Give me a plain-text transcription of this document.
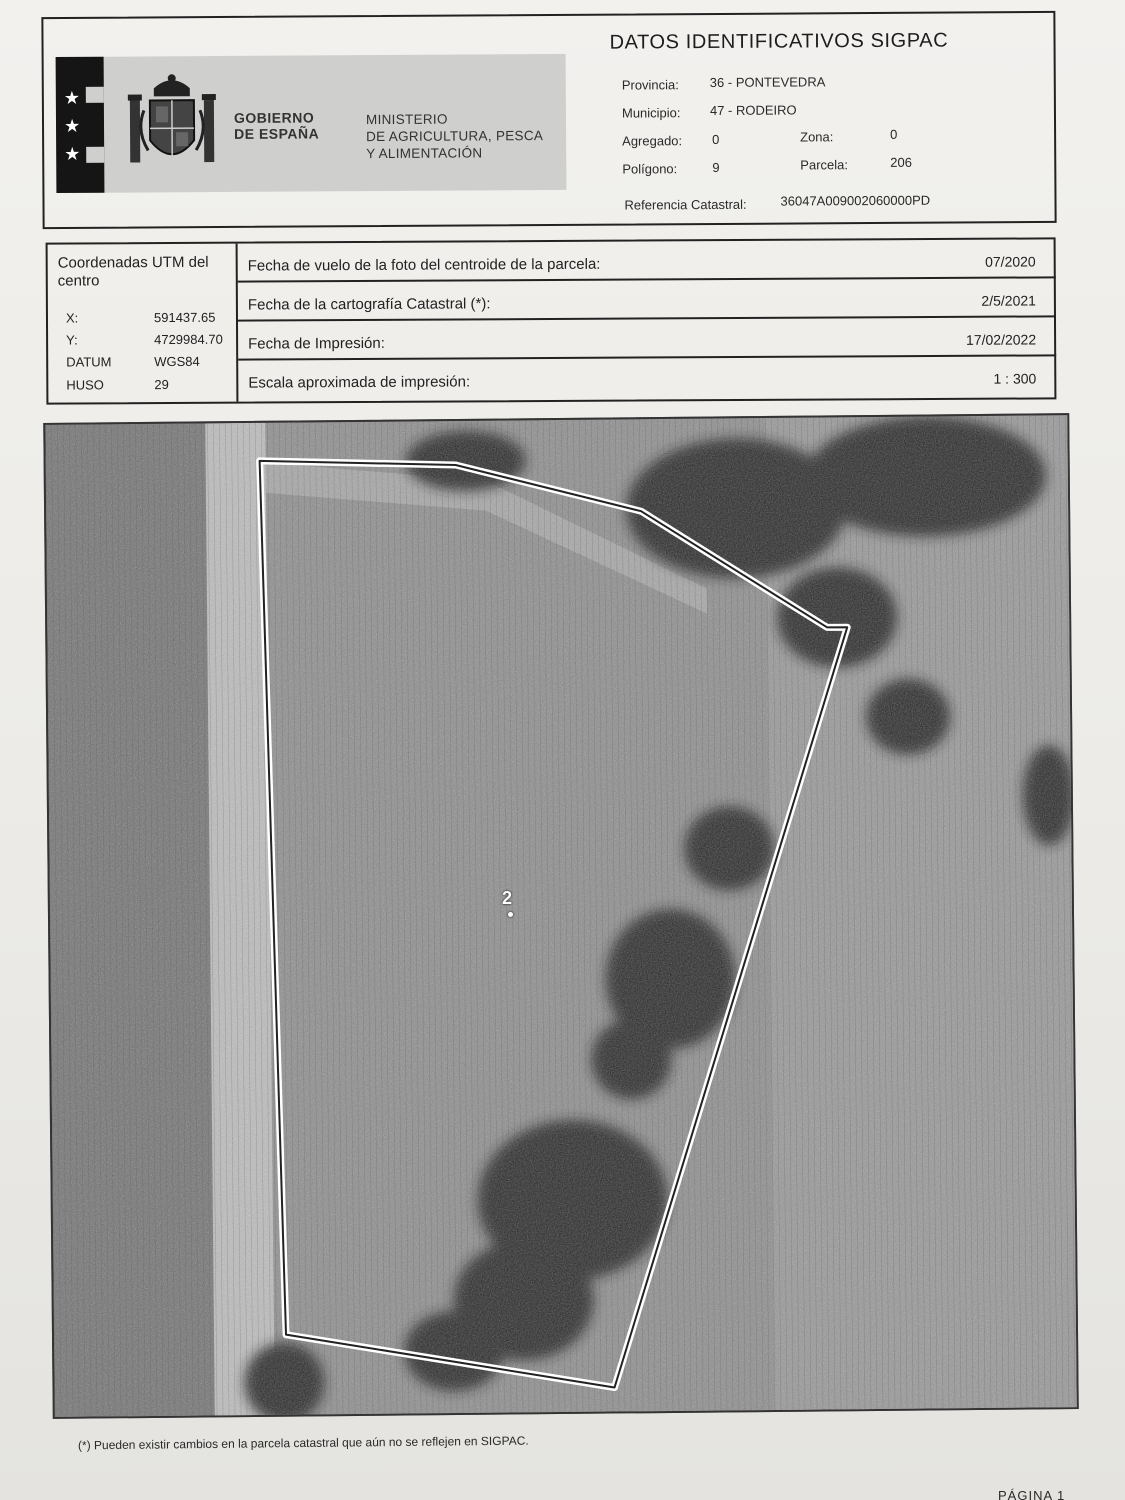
★
★
★
GOBIERNO
DE ESPAÑA
MINISTERIO
DE AGRICULTURA, PESCA
Y ALIMENTACIÓN
DATOS IDENTIFICATIVOS SIGPAC
Provincia: 36 - PONTEVEDRA
Municipio: 47 - RODEIRO
Agregado: 0	Zona:	0
Polígono:	9	Parcela:	206
Referencia Catastral:	36047A009002060000PD
Coordenadas UTM del centro
X:	591437.65
Y:	4729984.70
DATUM	WGS84
HUSO	29
Fecha de vuelo de la foto del centroide de la parcela:	07/2020
Fecha de la cartografía Catastral (*):	2/5/2021
Fecha de Impresión:	17/02/2022
Escala aproximada de impresión:	1 : 300
2
(*) Pueden existir cambios en la parcela catastral que aún no se reflejen en SIGPAC.
PÁGINA 1
